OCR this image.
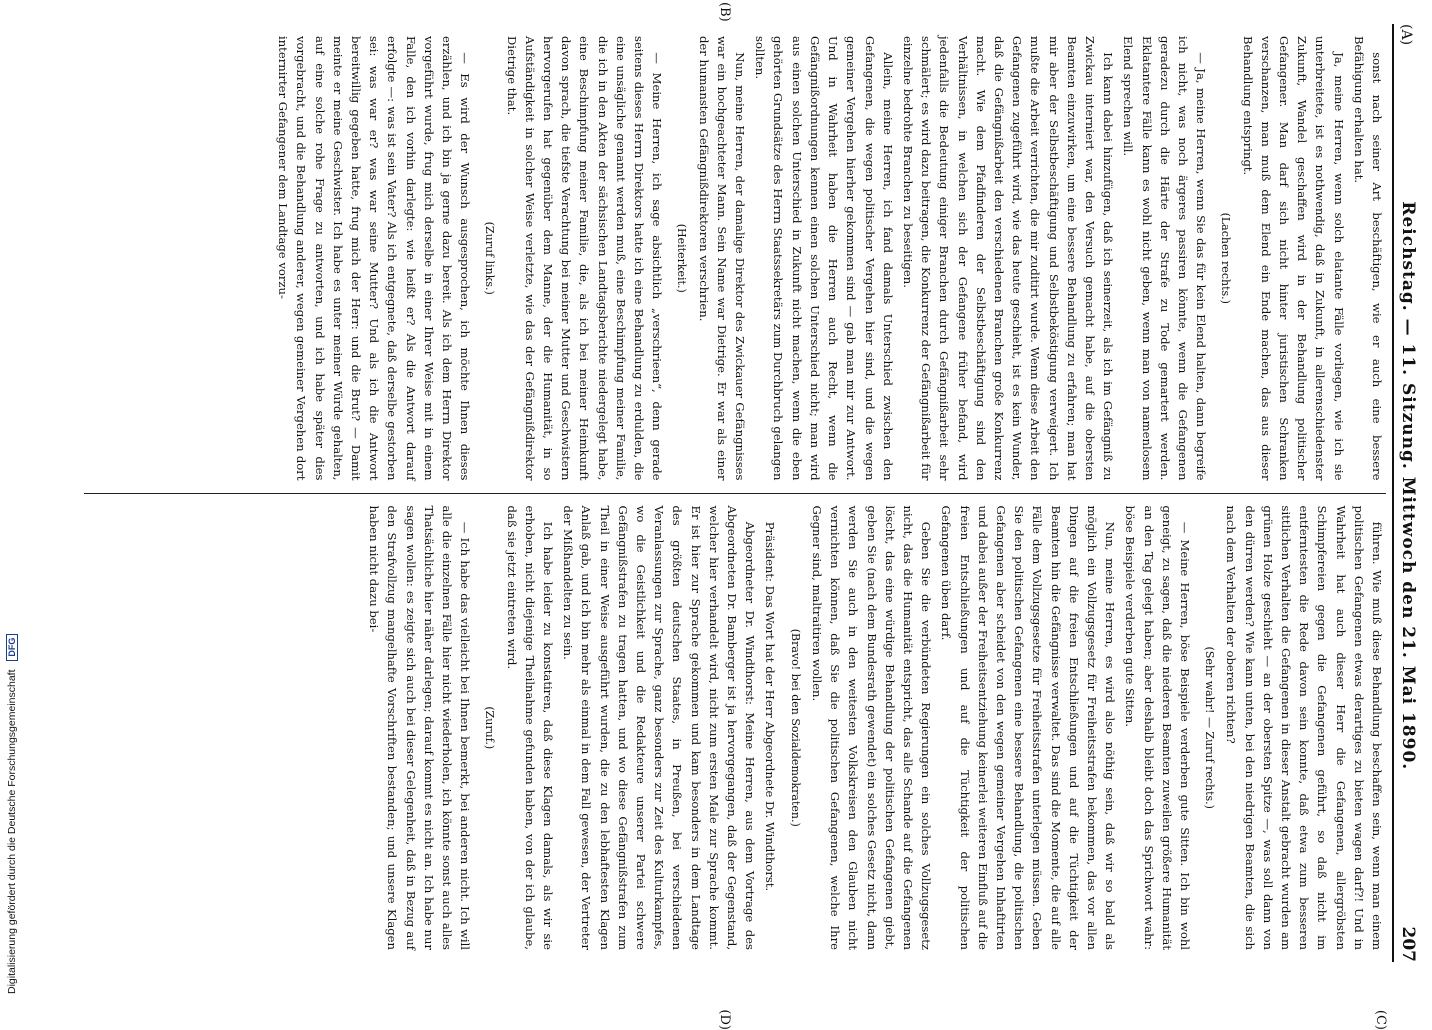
(A)
Reichstag. — 11. Sitzung. Mittwoch den 21. Mai 1890.
207
(C)
(B)
(D)

sonst nach seiner Art beschäftigen, wie er auch eine bessere Befähigung erhalten hat.

Ja, meine Herren, wenn solch elatante Fälle vorliegen, wie ich sie unterbreitete, ist es nothwendig, daß in Zukunft, in allerenschiedenster Zukunft, Wandel geschaffen wird in der Behandlung politischer Gefangener. Man darf sich nicht hinter juristischen Schranken verschanzen, man muß dem Elend ein Ende machen, das aus dieser Behandlung entspringt.

(Lachen rechts.)

— Ja, meine Herren, wenn Sie das für kein Elend halten, dann begreife ich nicht, was noch ärgeres passiren könnte, wenn die Gefangenen geradezu durch die Härte der Strafe zu Tode gemartert werden. Eklatantere Fälle kann es wohl nicht geben, wenn man von namenlosem Elend sprechen will.

Ich kann dabei hinzufügen, daß ich seinerzeit, als ich im Gefängniß zu Zwickau interniert war, den Versuch gemacht habe, auf die obersten Beamten einzuwirken, um eine bessere Behandlung zu erfahren; man hat mir aber der Selbstbeschäftigung und Selbstbeköstigung verweigert. Ich mußte die Arbeit verrichten, die mir zuditirt wurde. Wenn diese Arbeit den Gefangenen zugeführt wird, wie das heute geschieht, ist es kein Wunder, daß die Gefängnißarbeit den verschiedenen Branchen große Konkurrenz macht. Wie dem Pfadfinderen der Selbstbeschäftigung sind den Verhältnissen, in welchen sich der Gefangene früher befand, wird jedenfalls die Bedeutung einiger Branchen durch Gefängnißarbeit sehr schmälert; es wird dazu beitragen, die Konkurrenz der Gefängnißarbeit für einzelne bedrohte Branchen zu beseitigen.

Allein, meine Herren, ich fand damals Unterschied zwischen den Gefangenen, die wegen politischer Vergehen hier sind, und die wegen gemeiner Vergehen hierher gekommen sind — gab man mir zur Antwort. Und in Wahrheit haben die Herren auch Recht, wenn die Gefängnißordnungen kennen einen solchen Unterschied nicht; man wird aus einen solchen Unterschied in Zukunft nicht machen, wenn die eben gehörten Grundsätze des Herrn Staatssekretärs zum Durchbruch gelangen sollten.

Nun, meine Herren, der damalige Direktor des Zwickauer Gefängnisses war ein hochgeachteter Mann. Sein Name war Dietrige. Er war als einer der humansten Gefängnißdirektoren verschrien.

(Heiterkeit.)

— Meine Herren, ich sage absichtlich „verschrieen“, denn gerade seitens dieses Herrn Direktors hatte ich eine Behandlung zu erdulden, die eine unsägliche genannt werden muß, eine Beschimpfung meiner Familie, die ich in den Akten der sächsischen Landtagsberichte niedergelegt habe, eine Beschimpfung meiner Familie, die, als ich bei meiner Heimkunft davon sprach, die tiefste Verachtung bei meiner Mutter und Geschwistern hervorgerufen hat gegenüber dem Manne, der die Humanität, in so Aufständigkeit in solcher Weise verletzte, wie das der Gefängnißdirektor Dietrige that.

(Zuruf links.)

— Es wird der Wunsch ausgesprochen, ich möchte Ihnen dieses erzählen, und ich bin ja gerne dazu bereit. Als ich dem Herrn Direktor vorgeführt wurde, frug mich derselbe in einer Ihrer Weise mit in einem Falle, den ich vorhin darlegte: wie heißt er? Als die Antwort darauf erfolgte —: was ist sein Vater? Als ich entgegnete, daß derselbe gestorben sei: was war er? was war seine Mutter? Und als ich die Antwort bereitwillig gegeben hatte, frug mich der Herr: und die Brut? — Damit meinte er meine Geschwister. Ich habe es unter meiner Würde gehalten, auf eine solche rohe Frage zu antworten, und ich habe später dies vorgebracht, und die Behandlung anderer, wegen gemeiner Vergehen dort internirter Gefangener dem Landtage vorzu-

führen. Wie muß diese Behandlung beschaffen sein, wenn man einem politischen Gefangenen etwas derartiges zu bieten wagen darf?! Und in Wahrheit hat auch dieser Herr die Gefangenen, allergröbsten Schimpfereien gegen die Gefangenen geführt, so daß nicht im entferntesten die Rede davon sein konnte, daß etwa zum besseren sittlichen Verhalten die Gefangenen in dieser Anstalt gebracht wurden am grünen Holze geschieht — an der obersten Spitze —, was soll dann von den dürren werden? Wie kann unten, bei den niedrigen Beamten, die sich nach dem Verhalten der oberen richten?

(Sehr wahr! — Zuruf rechts.)

— Meine Herren, böse Beispiele verderben gute Sitten. Ich bin wohl geneigt, zu sagen, daß die niederen Beamten zuweilen größere Humanität an den Tag gelegt haben; aber deshalb bleibt doch das Sprichwort wahr: böse Beispiele verderben gute Sitten.

Nun, meine Herren, es wird also nöthig sein, daß wir so bald als möglich ein Vollzugsgesetz für Freiheitsstrafen bekommen, das vor allen Dingen auf die freien Entschließungen und auf die Tüchtigkeit der Beamten hin die Gefängnisse verwaltet. Das sind die Momente, die auf alle Fälle dem Vollzugsgesetze für Freiheitsstrafen unterlegen müssen. Geben Sie den politischen Gefangenen eine bessere Behandlung, die politischen Gefangenen aber scheidet von den wegen gemeiner Vergehen Inhaftirten und dabei außer der Freiheitsentziehung keinerlei weiteren Einfluß auf die freien Entschließungen und auf die Tüchtigkeit der politischen Gefangenen üben darf.

Geben Sie die verbündeten Regierungen ein solches Vollzugsgesetz nicht, das die Humanität entspricht, das alle Schande auf die Gefangenen löscht, das eine würdige Behandlung der politischen Gefangenen giebt, geben Sie (nach dem Bundesrath gewendet) ein solches Gesetz nicht, dann werden Sie auch in den weitesten Volkskreisen den Glauben nicht vernichten können, daß Sie die politischen Gefangenen, welche Ihre Gegner sind, maltraitiren wollen.

(Bravo! bei den Sozialdemokraten.)

Präsident: Das Wort hat der Herr Abgeordnete Dr. Windthorst.

Abgeordneter Dr. Windthorst: Meine Herren, aus dem Vortrage des Abgeordneten Dr. Bamberger ist ja hervorgegangen, daß der Gegenstand, welcher hier verhandelt wird, nicht zum ersten Male zur Sprache kommt. Er ist hier zur Sprache gekommen und kam besonders in dem Landtage des größten deutschen Staates, in Preußen, bei verschiedenen Veranlassungen zur Sprache, ganz besonders zur Zeit des Kulturkampfes, wo die Geistlichkeit und die Redakteure unserer Partei schwere Gefängnißstrafen zu tragen hatten, und wo diese Gefängnißstrafen zum Theil in einer Weise ausgeführt wurden, die zu den lebhaftesten Klagen Anlaß gab, und ich bin mehr als einmal in dem Fall gewesen, der Vertreter der Mißhandelten zu sein.

Ich habe leider zu konstatiren, daß diese Klagen damals, als wir sie erhoben, nicht diejenige Theilnahme gefunden haben, von der ich glaube, daß sie jetzt eintreten wird.

(Zuruf.)

— Ich habe das vielleicht bei Ihnen bemerkt, bei anderen nicht. Ich will alle die einzelnen Fälle hier nicht wiederholen, ich könnte sonst auch alles Thatsächliche hier näher darlegen; darauf kommt es nicht an. Ich habe nur sagen wollen: es zeigte sich auch bei dieser Gelegenheit, daß in Bezug auf den Strafvollzug mangelhafte Vorschriften bestanden; und unsere Klagen haben nicht dazu bei-

Digitalisierung gefördert durch die Deutsche Forschungsgemeinschaft DFG
